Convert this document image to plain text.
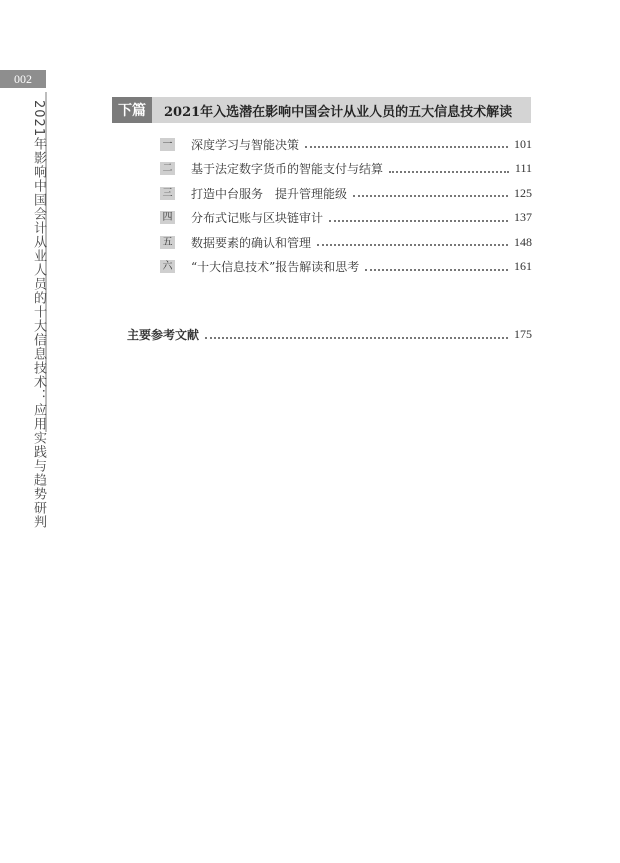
002
2021年影响中国会计从业人员的十大信息技术：应用实践与趋势研判	下篇	2021年入选潜在影响中国会计从业人员的五大信息技术解读
一 深度学习与智能决策	101
二 基于法定数字货币的智能支付与结算	111
三 打造中台服务　提升管理能级	125
四 分布式记账与区块链审计	137
五 数据要素的确认和管理	148
六 “十大信息技术”报告解读和思考	161
主要参考文献	175
